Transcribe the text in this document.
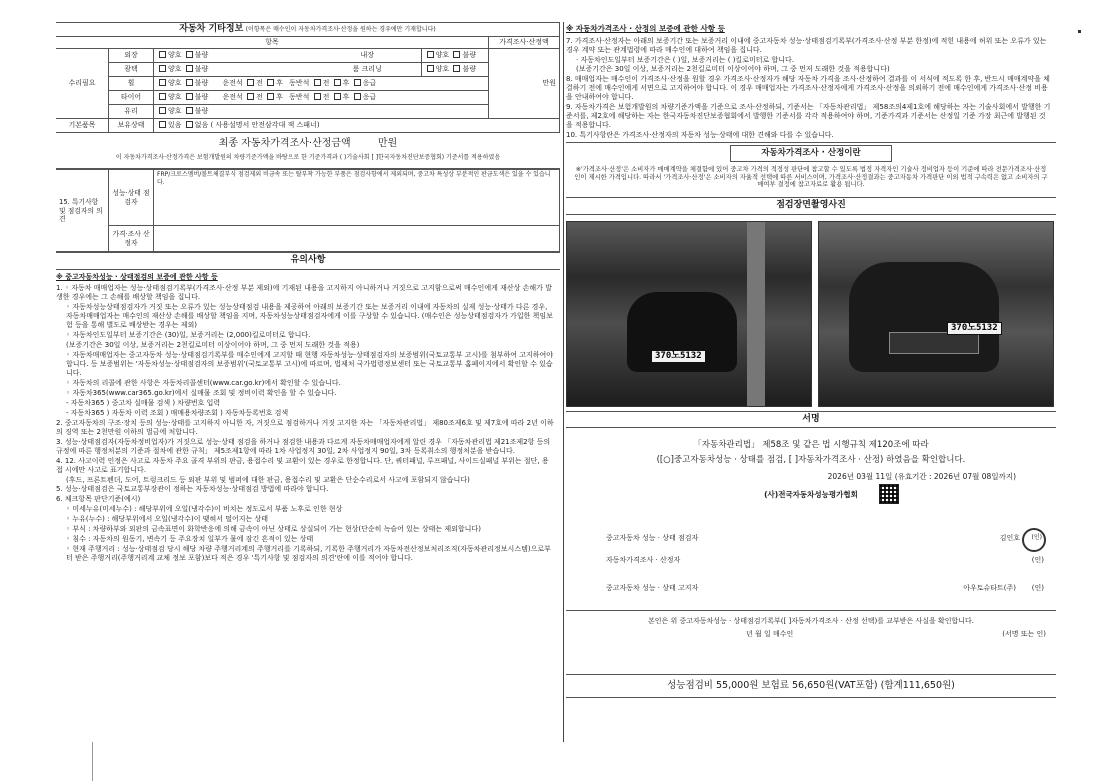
자동차 기타정보 (이항목은 매수인이 자동차가격조사·산정을 원하는 경우에만 기재합니다)				
항목				가격조사·산정액
수리필요	외장	양호 불량 내장	양호 불량	만원
	광택	양호 불량 룸 크리닝	양호 불량	
	휠	양호 불량 운전석 전 후 동반석 전 후 응급		
	타이어	양호 불량 운전석 전 후 동반석 전 후 응급		
	유리	양호 불량		
기본품목	보유상태	있음 없음 ( 사용설명서 안전삼각대 잭 스패너)		
최종 자동차가격조사·산정금액	만원
이 자동차가격조사·산정가격은 보험개발원의 차량기준가액을 바탕으로 한 기준가격과 ( )기술사회 [ ]한국자동차진단보증협회) 기준서를 적용하였음
15. 특기사항 및 점검자의 의견	성능·상태 점검자	FRP/크로스멤버/볼트체결부식 점검제외 비금속 또는 탈부착 가능한 부품은 점검사항에서 제외되며, 중고차 특성상 부분적인 판금도색은 있을 수 있습니다.
	가격·조사 산정자	
유의사항
※ 중고자동차성능 · 상태점검의 보증에 관한 사항 등
1. ◦ 자동차 매매업자는 성능·상태점검기록부(가격조사·산정 부분 제외)에 기재된 내용을 고지하지 아니하거나 거짓으로 고지함으로써 매수인에게 재산상 손해가 발생한 경우에는 그 손해를 배상할 책임을 집니다.
◦ 자동차성능상태점검자가 거짓 또는 오류가 있는 성능상태점검 내용을 제공하여 아래의 보증기간 또는 보증거리 이내에 자동차의 실제 성능·상태가 다른 경우, 자동차매매업자는 매수인의 재산상 손해를 배상할 책임을 지며, 자동차성능상태점검자에게 이를 구상할 수 있습니다. (매수인은 성능상태점검자가 가입한 책임보험 등을 통해 별도로 배상받는 경우는 제외)
◦ 자동차인도일부터 보증기간은 (30)일, 보증거리는 (2,000)킬로미터로 합니다.
(보증기간은 30일 이상, 보증거리는 2천킬로미터 이상이어야 하며, 그 중 먼저 도래한 것을 적용)
◦ 자동차매매업자는 중고자동차 성능·상태점검기록부를 매수인에게 고지할 때 현행 자동차성능·상태점검자의 보증범위(국토교통부 고시)를 첨부하여 고지하여야 합니다. 등 보증범위는 '자동차성능·상태점검자의 보증범위'(국토교통부 고시)에 따르며, 법제처 국가법령정보센터 또는 국토교통부 홈페이지에서 확인할 수 있습니다.
◦ 자동차의 리콜에 관한 사항은 자동차리콜센터(www.car.go.kr)에서 확인할 수 있습니다.
◦ 자동차365(www.car365.go.kr)에서 실매물 조회 및 정비이력 확인을 할 수 있습니다.
- 자동차365 ) 중고차 실매물 검색 ) 차량번호 입력
- 자동차365 ) 자동차 이력 조회 ) 매매용차량조회 ) 자동차등록번호 검색
2. 중고자동차의 구조·장치 등의 성능·상태를 고지하지 아니한 자, 거짓으로 점검하거나 거짓 고지한 자는 「자동차관리법」 제80조제6호 및 제7호에 따라 2년 이하의 징역 또는 2천만원 이하의 벌금에 처합니다.
3. 성능·상태점검자(자동차정비업자)가 거짓으로 성능·상태 점검을 하거나 점검한 내용과 다르게 자동차매매업자에게 알린 경우 「자동차관리법 제21조제2항 등의 규정에 따른 행정처분의 기준과 절차에 관한 규칙」 제5조제1항에 따라 1차 사업정지 30일, 2차 사업정지 90일, 3차 등록취소의 행정처분을 받습니다.
4. 12. 사고이력 인정은 사고로 자동차 주요 골격 부위의 판금, 용접수리 및 교환이 있는 경우로 한정합니다. 단, 쿼터패널, 루프패널, 사이드실패널 부위는 절단, 용접 시에만 사고로 표기합니다.
(후드, 프론트펜더, 도어, 트렁크리드 등 외판 부위 및 범퍼에 대한 판금, 용접수리 및 교환은 단순수리로서 사고에 포함되지 않습니다)
5. 성능·상태점검은 국토교통부장관이 정하는 자동차성능·상태점검 방법에 따라야 합니다.
6. 체크항목 판단기준(예시)
◦ 미세누유(미세누수) : 해당부위에 오일(냉각수)이 비치는 정도로서 부품 노후로 인한 현상
◦ 누유(누수) : 해당부위에서 오일(냉각수)이 맺혀서 떨어지는 상태
◦ 부식 : 차량하부와 외판의 금속표면이 화학반응에 의해 금속이 아닌 상태로 상실되어 가는 현상(단순히 녹슬어 있는 상태는 제외합니다)
◦ 침수 : 자동차의 원동기, 변속기 등 주요장치 일부가 물에 잠긴 흔적이 있는 상태
◦ 현재 주행거리 : 성능·상태점검 당시 해당 차량 주행거리계의 주행거리를 기록하되, 기록한 주행거리가 자동차전산정보처리조직(자동차관리정보시스템)으로부터 받은 주행거리(주행거리계 교체 정보 포함)보다 적은 경우 '특기사항 및 점검자의 의견'란에 이를 적어야 합니다.
※ 자동차가격조사 · 산정의 보증에 관한 사항 등
7. 가격조사·산정자는 아래의 보증기간 또는 보증거리 이내에 중고자동차 성능·상태점검기록부(가격조사·산정 부분 한정)에 적힌 내용에 허위 또는 오류가 있는 경우 계약 또는 관계법령에 따라 매수인에 대하여 책임을 집니다.
· 자동차인도일부터 보증기간은 ( )일, 보증거리는 ( )킬로미터로 합니다.
(보증기간은 30일 이상, 보증거리는 2천킬로미터 이상이어야 하며, 그 중 먼저 도래한 것을 적용합니다)
8. 매매업자는 매수인이 가격조사·산정을 원할 경우 가격조사·산정자가 해당 자동차 가격을 조사·산정하여 결과를 이 서식에 적도록 한 후, 반드시 매매계약을 체결하기 전에 매수인에게 서면으로 고지하여야 합니다. 이 경우 매매업자는 가격조사·산정자에게 가격조사·산정을 의뢰하기 전에 매수인에게 가격조사·산정 비용을 안내하여야 합니다.
9. 자동차가격은 보험개발원의 차량기준가액을 기준으로 조사·산정하되, 기준서는 「자동차관리법」 제58조의4제1호에 해당하는 자는 기술사회에서 발행한 기준서를, 제2호에 해당하는 자는 한국자동차진단보증협회에서 발행한 기준서를 각각 적용하여야 하며, 기준가격과 기준서는 산정일 기준 가장 최근에 발행된 것을 적용합니다.
10. 특기사항란은 가격조사·산정자의 자동차 성능·상태에 대한 견해와 다를 수 있습니다.
자동차가격조사 · 산정이란
※'가격조사·산정'은 소비자가 매매계약을 체결함에 있어 중고차 가격의 적정성 판단에 참고할 수 있도록 법정 자격자인 기술사 정비업자 등이 기준에 따라 전문가격조사·산정인이 제시한 가격입니다. 따라서 '가격조사·산정'은 소비자의 자율적 선택에 따른 서비스이며, 가격조사·산정결과는 중고자동차 가격판단 이외 법적 구속력은 없고 소비자의 구매여부 결정에 참고자료로 활용 됩니다.
점검장면촬영사진
370노5132
370노5132
서명
「자동차관리법」 제58조 및 같은 법 시행규칙 제120조에 따라
([○]중고자동차성능 · 상태를 점검, [ ]자동차가격조사 · 산정) 하였음을 확인합니다.
2026년 03월 11일 (유효기간 : 2026년 07월 08일까지)
(사)전국자동차성능평가협회
중고자동차 성능 · 상태 점검자	김인호 (인)
자동차가격조사 · 산정자	(인)
중고자동차 성능 · 상태 고지자	아우토슈타트(주) (인)
본인은 위 중고자동차성능 · 상태점검기록부([ ]자동차가격조사 · 산정 선택)를 교부받은 사실을 확인합니다.
년 월 일 매수인	(서명 또는 인)
성능점검비 55,000원 보험료 56,650원(VAT포함) (합계111,650원)
